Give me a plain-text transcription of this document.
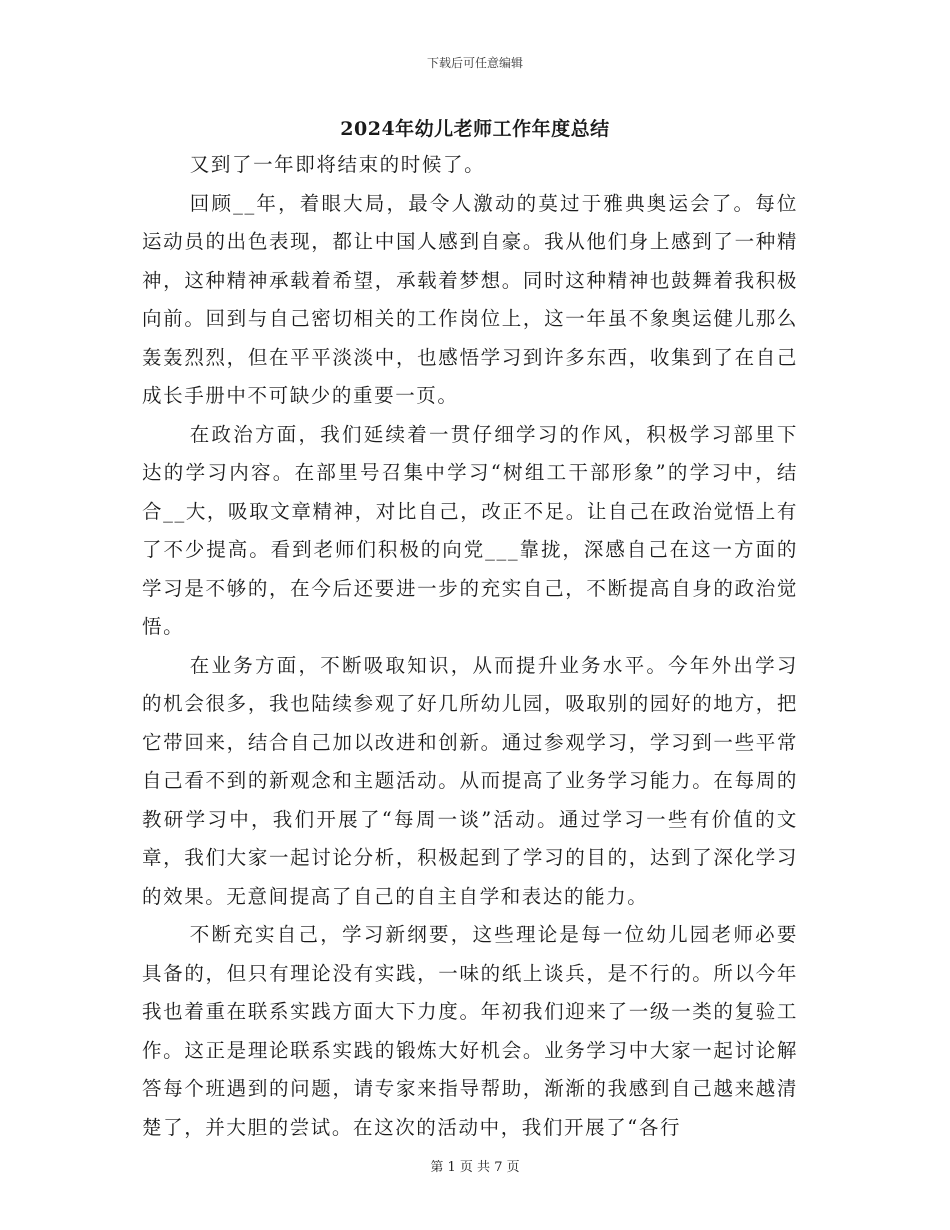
下载后可任意编辑
2024年幼儿老师工作年度总结

又到了一年即将结束的时候了。

回顾__年，着眼大局，最令人激动的莫过于雅典奥运会了。每位运动员的出色表现，都让中国人感到自豪。我从他们身上感到了一种精神，这种精神承载着希望，承载着梦想。同时这种精神也鼓舞着我积极向前。回到与自己密切相关的工作岗位上，这一年虽不象奥运健儿那么轰轰烈烈，但在平平淡淡中，也感悟学习到许多东西，收集到了在自己成长手册中不可缺少的重要一页。

在政治方面，我们延续着一贯仔细学习的作风，积极学习部里下达的学习内容。在部里号召集中学习“树组工干部形象”的学习中，结合__大，吸取文章精神，对比自己，改正不足。让自己在政治觉悟上有了不少提高。看到老师们积极的向党___靠拢，深感自己在这一方面的学习是不够的，在今后还要进一步的充实自己，不断提高自身的政治觉悟。

在业务方面，不断吸取知识，从而提升业务水平。今年外出学习的机会很多，我也陆续参观了好几所幼儿园，吸取别的园好的地方，把它带回来，结合自己加以改进和创新。通过参观学习，学习到一些平常自己看不到的新观念和主题活动。从而提高了业务学习能力。在每周的教研学习中，我们开展了“每周一谈”活动。通过学习一些有价值的文章，我们大家一起讨论分析，积极起到了学习的目的，达到了深化学习的效果。无意间提高了自己的自主自学和表达的能力。

不断充实自己，学习新纲要，这些理论是每一位幼儿园老师必要具备的，但只有理论没有实践，一味的纸上谈兵，是不行的。所以今年我也着重在联系实践方面大下力度。年初我们迎来了一级一类的复验工作。这正是理论联系实践的锻炼大好机会。业务学习中大家一起讨论解答每个班遇到的问题，请专家来指导帮助，渐渐的我感到自己越来越清楚了，并大胆的尝试。在这次的活动中，我们开展了“各行

第 1 页 共 7 页
